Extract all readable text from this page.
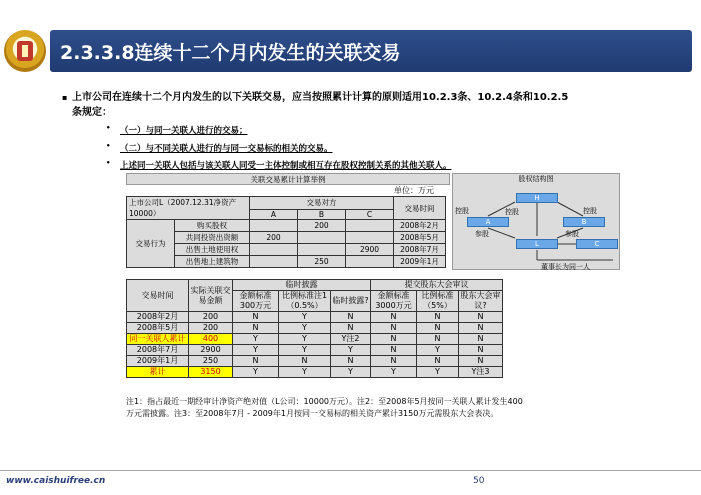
2.3.3.8连续十二个月内发生的关联交易
▪ 上市公司在连续十二个月内发生的以下关联交易，应当按照累计计算的原则适用10.2.3条、10.2.4条和10.2.5条规定：
• （一）与同一关联人进行的交易；
• （二）与不同关联人进行的与同一交易标的相关的交易。
• 上述同一关联人包括与该关联人同受一主体控制或相互存在股权控制关系的其他关联人。
关联交易累计计算举例
单位：万元
上市公司L（2007.12.31净资产10000）		交易对方			交易时间
		A	B	C	
交易行为	购买股权		200		2008年2月
	共同投资出资额	200			2008年5月
	出售土地使用权			2900	2008年7月
	出售地上建筑物		250		2009年1月
股权结构图
H
A	B
L	C
控股	控股	控股
参股	参股
董事长为同一人
交易时间	实际关联交易金额	临时披露			提交股东大会审议		
		金额标准300万元	比例标准注1（0.5%）	临时披露?	金额标准3000万元	比例标准（5%）	股东大会审议?
2008年2月	200	N	Y	N	N	N	N
2008年5月	200	N	Y	N	N	N	N
同一关联人累计	400	Y	Y	Y注2	N	N	N
2008年7月	2900	Y	Y	Y	N	Y	N
2009年1月	250	N	N	N	N	N	N
累计	3150	Y	Y	Y	Y	Y	Y注3
注1：指占最近一期经审计净资产绝对值（L公司：10000万元）。注2：至2008年5月按同一关联人累计发生400万元需披露。注3：至2008年7月 - 2009年1月按同一交易标的相关资产累计3150万元需股东大会表决。
www.caishuifree.cn	50
